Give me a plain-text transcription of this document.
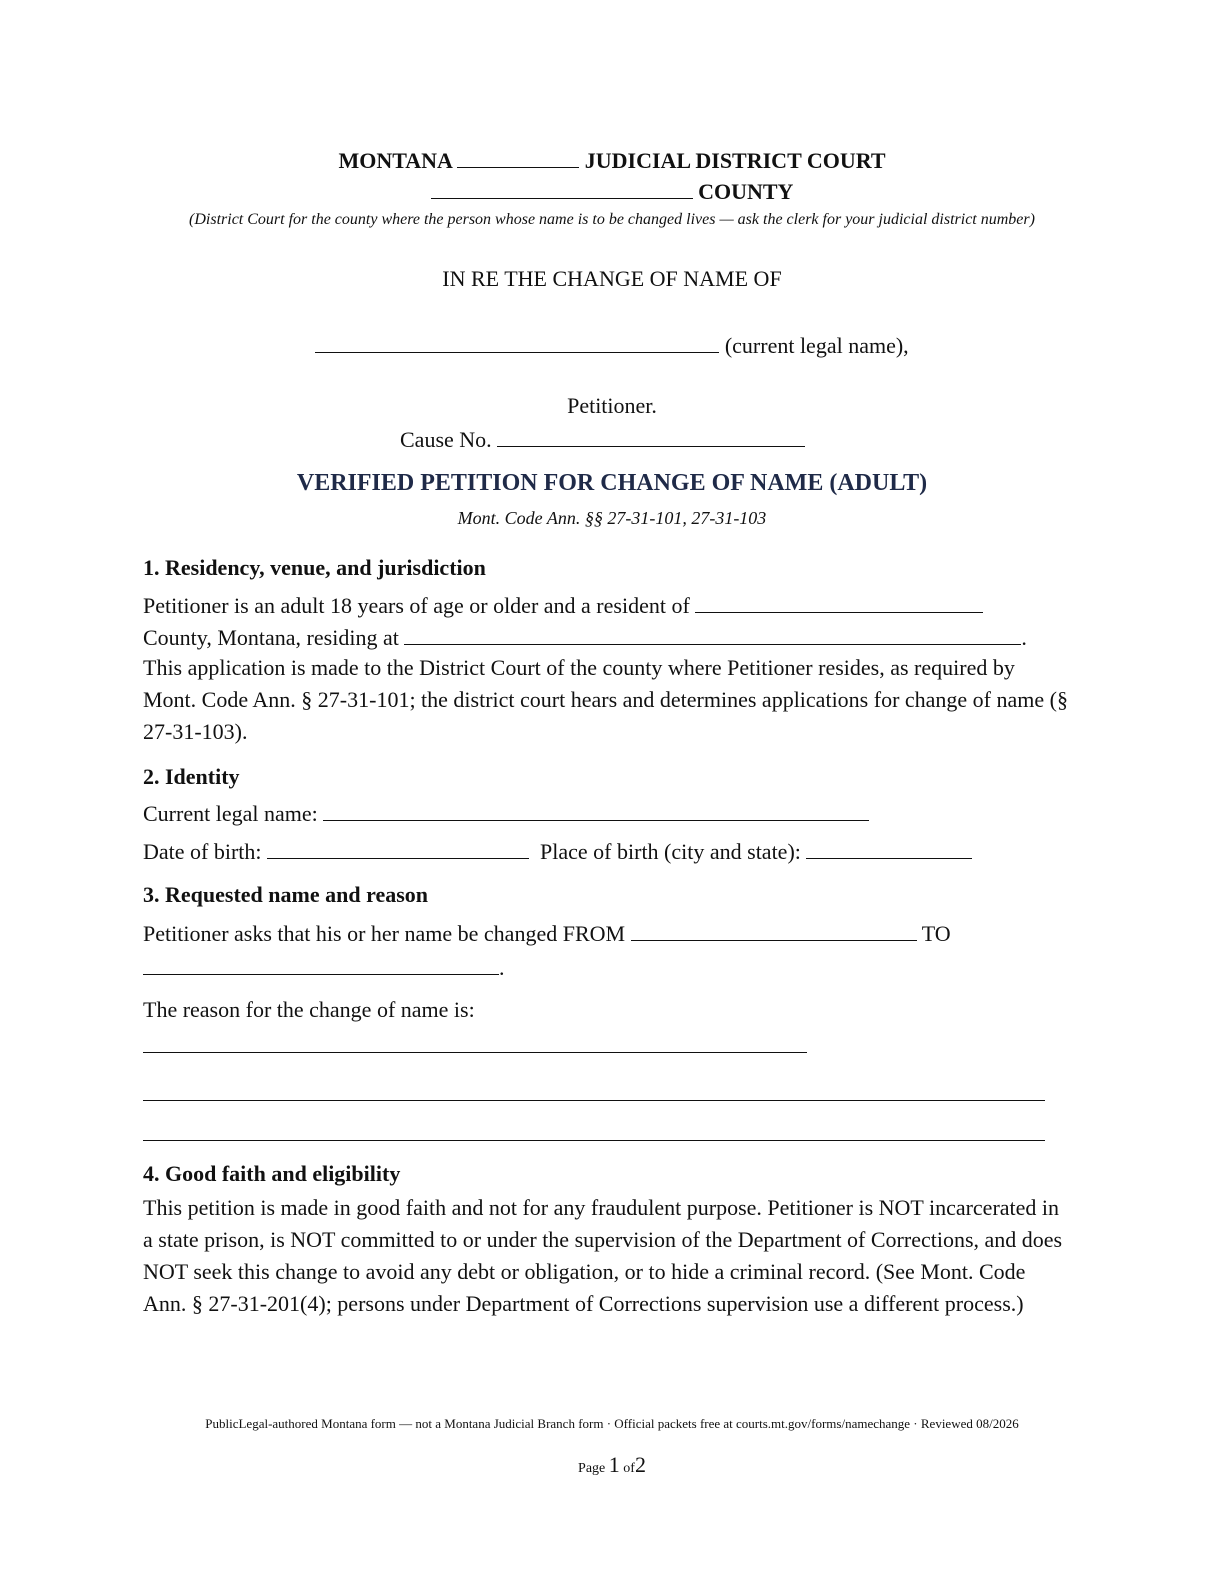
MONTANA	JUDICIAL DISTRICT COURT
COUNTY
(District Court for the county where the person whose name is to be changed lives — ask the clerk for your judicial district number)
IN RE THE CHANGE OF NAME OF
(current legal name),
Petitioner.
Cause No.
VERIFIED PETITION FOR CHANGE OF NAME (ADULT)
Mont. Code Ann. §§ 27-31-101, 27-31-103
1. Residency, venue, and jurisdiction
Petitioner is an adult 18 years of age or older and a resident of
County, Montana, residing at	.
This application is made to the District Court of the county where Petitioner resides, as required by Mont. Code Ann. § 27-31-101; the district court hears and determines applications for change of name (§ 27-31-103).
2. Identity
Current legal name:
Date of birth:	Place of birth (city and state):
3. Requested name and reason
Petitioner asks that his or her name be changed FROM	TO
.
The reason for the change of name is:
4. Good faith and eligibility
This petition is made in good faith and not for any fraudulent purpose. Petitioner is NOT incarcerated in a state prison, is NOT committed to or under the supervision of the Department of Corrections, and does NOT seek this change to avoid any debt or obligation, or to hide a criminal record. (See Mont. Code Ann. § 27-31-201(4); persons under Department of Corrections supervision use a different process.)
PublicLegal-authored Montana form — not a Montana Judicial Branch form · Official packets free at courts.mt.gov/forms/namechange · Reviewed 08/2026
Page 1 of2
